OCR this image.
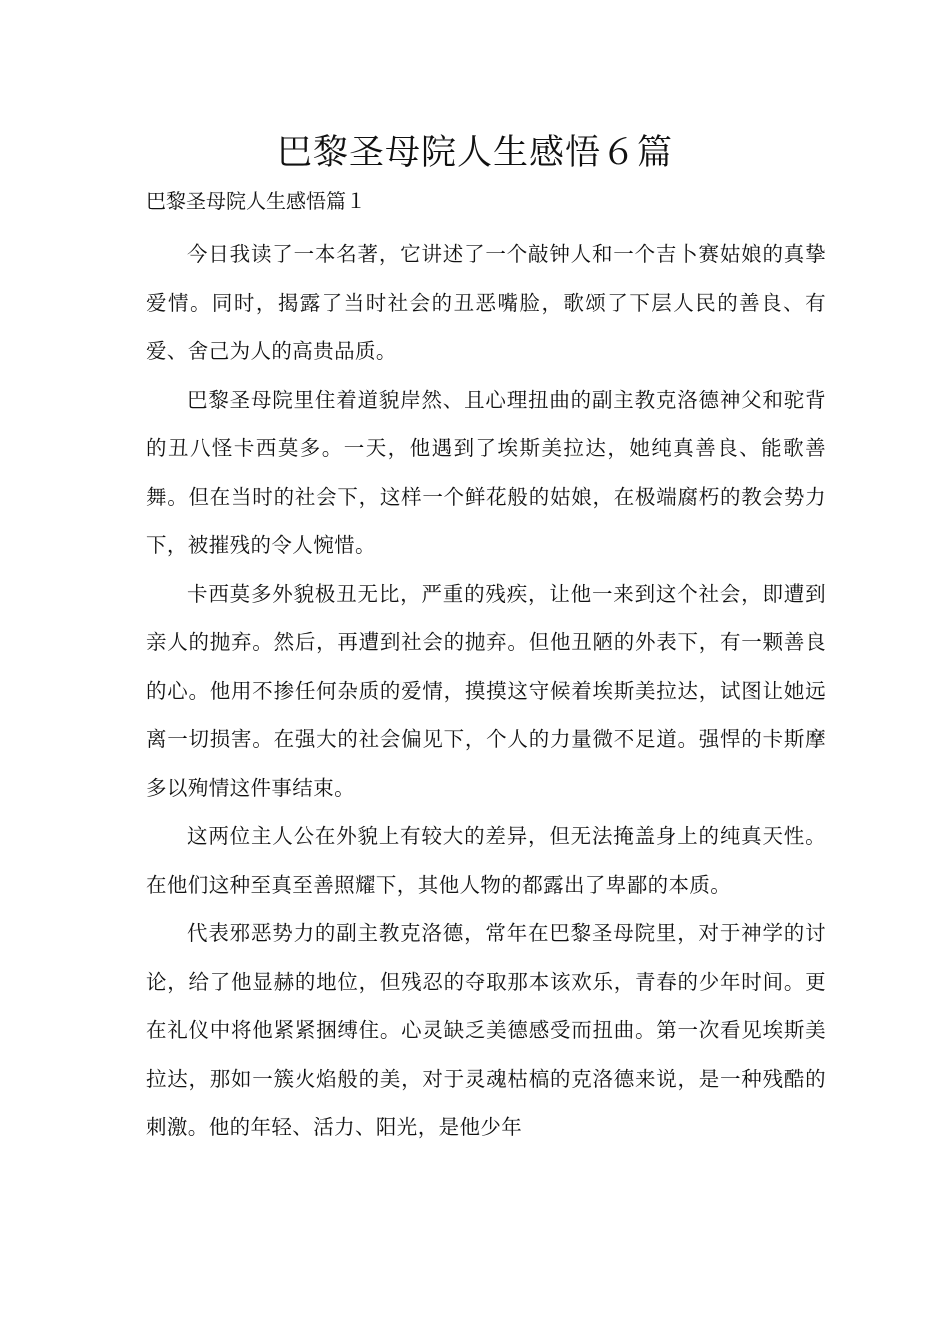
巴黎圣母院人生感悟６篇
巴黎圣母院人生感悟篇１

今日我读了一本名著，它讲述了一个敲钟人和一个吉卜赛姑娘的真挚爱情。同时，揭露了当时社会的丑恶嘴脸，歌颂了下层人民的善良、有爱、舍己为人的高贵品质。

巴黎圣母院里住着道貌岸然、且心理扭曲的副主教克洛德神父和驼背的丑八怪卡西莫多。一天，他遇到了埃斯美拉达，她纯真善良、能歌善舞。但在当时的社会下，这样一个鲜花般的姑娘，在极端腐朽的教会势力下，被摧残的令人惋惜。

卡西莫多外貌极丑无比，严重的残疾，让他一来到这个社会，即遭到亲人的抛弃。然后，再遭到社会的抛弃。但他丑陋的外表下，有一颗善良的心。他用不掺任何杂质的爱情，摸摸这守候着埃斯美拉达，试图让她远离一切损害。在强大的社会偏见下，个人的力量微不足道。强悍的卡斯摩多以殉情这件事结束。

这两位主人公在外貌上有较大的差异，但无法掩盖身上的纯真天性。在他们这种至真至善照耀下，其他人物的都露出了卑鄙的本质。

代表邪恶势力的副主教克洛德，常年在巴黎圣母院里，对于神学的讨论，给了他显赫的地位，但残忍的夺取那本该欢乐，青春的少年时间。更在礼仪中将他紧紧捆缚住。心灵缺乏美德感受而扭曲。第一次看见埃斯美拉达，那如一簇火焰般的美，对于灵魂枯槁的克洛德来说，是一种残酷的刺激。他的年轻、活力、阳光，是他少年
